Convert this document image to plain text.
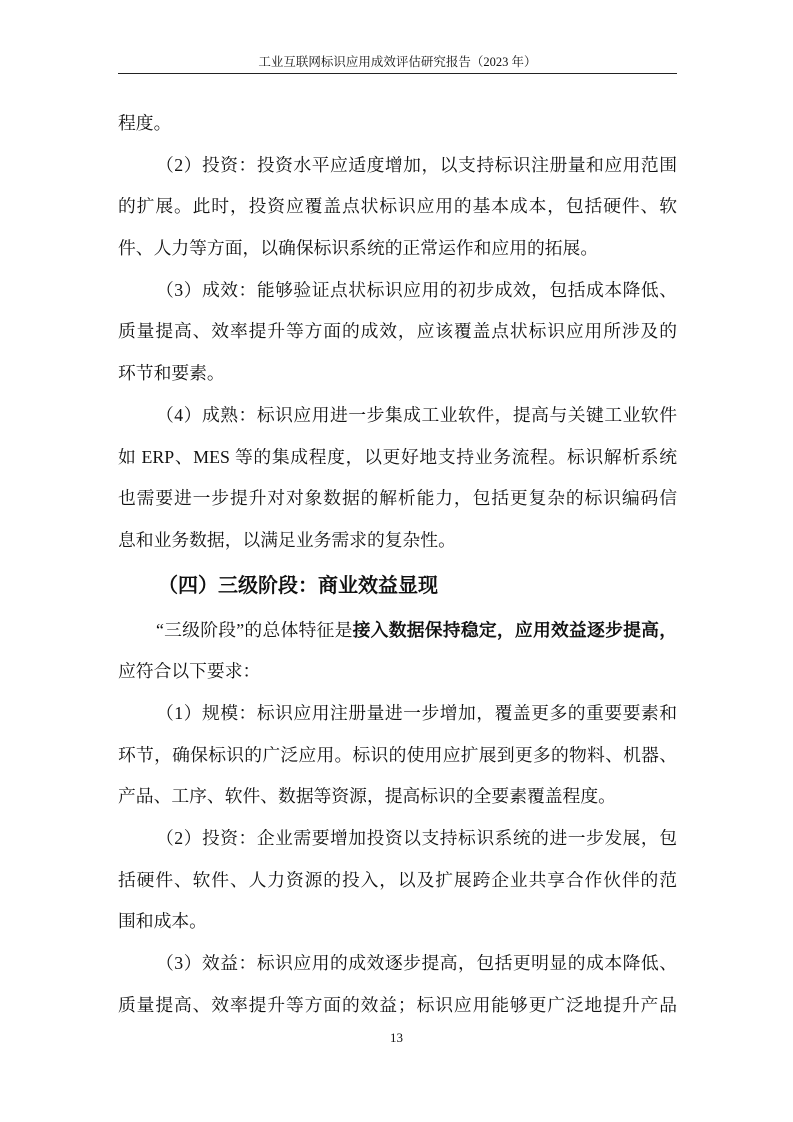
工业互联网标识应用成效评估研究报告（2023 年）
程度。
（2）投资：投资水平应适度增加，以支持标识注册量和应用范围
的扩展。此时，投资应覆盖点状标识应用的基本成本，包括硬件、软
件、人力等方面，以确保标识系统的正常运作和应用的拓展。
（3）成效：能够验证点状标识应用的初步成效，包括成本降低、
质量提高、效率提升等方面的成效，应该覆盖点状标识应用所涉及的
环节和要素。
（4）成熟：标识应用进一步集成工业软件，提高与关键工业软件
如 ERP、MES 等的集成程度，以更好地支持业务流程。标识解析系统
也需要进一步提升对对象数据的解析能力，包括更复杂的标识编码信
息和业务数据，以满足业务需求的复杂性。
（四）三级阶段：商业效益显现
“三级阶段”的总体特征是接入数据保持稳定，应用效益逐步提高，
应符合以下要求：
（1）规模：标识应用注册量进一步增加，覆盖更多的重要要素和
环节，确保标识的广泛应用。标识的使用应扩展到更多的物料、机器、
产品、工序、软件、数据等资源，提高标识的全要素覆盖程度。
（2）投资：企业需要增加投资以支持标识系统的进一步发展，包
括硬件、软件、人力资源的投入，以及扩展跨企业共享合作伙伴的范
围和成本。
（3）效益：标识应用的成效逐步提高，包括更明显的成本降低、
质量提高、效率提升等方面的效益；标识应用能够更广泛地提升产品
13
